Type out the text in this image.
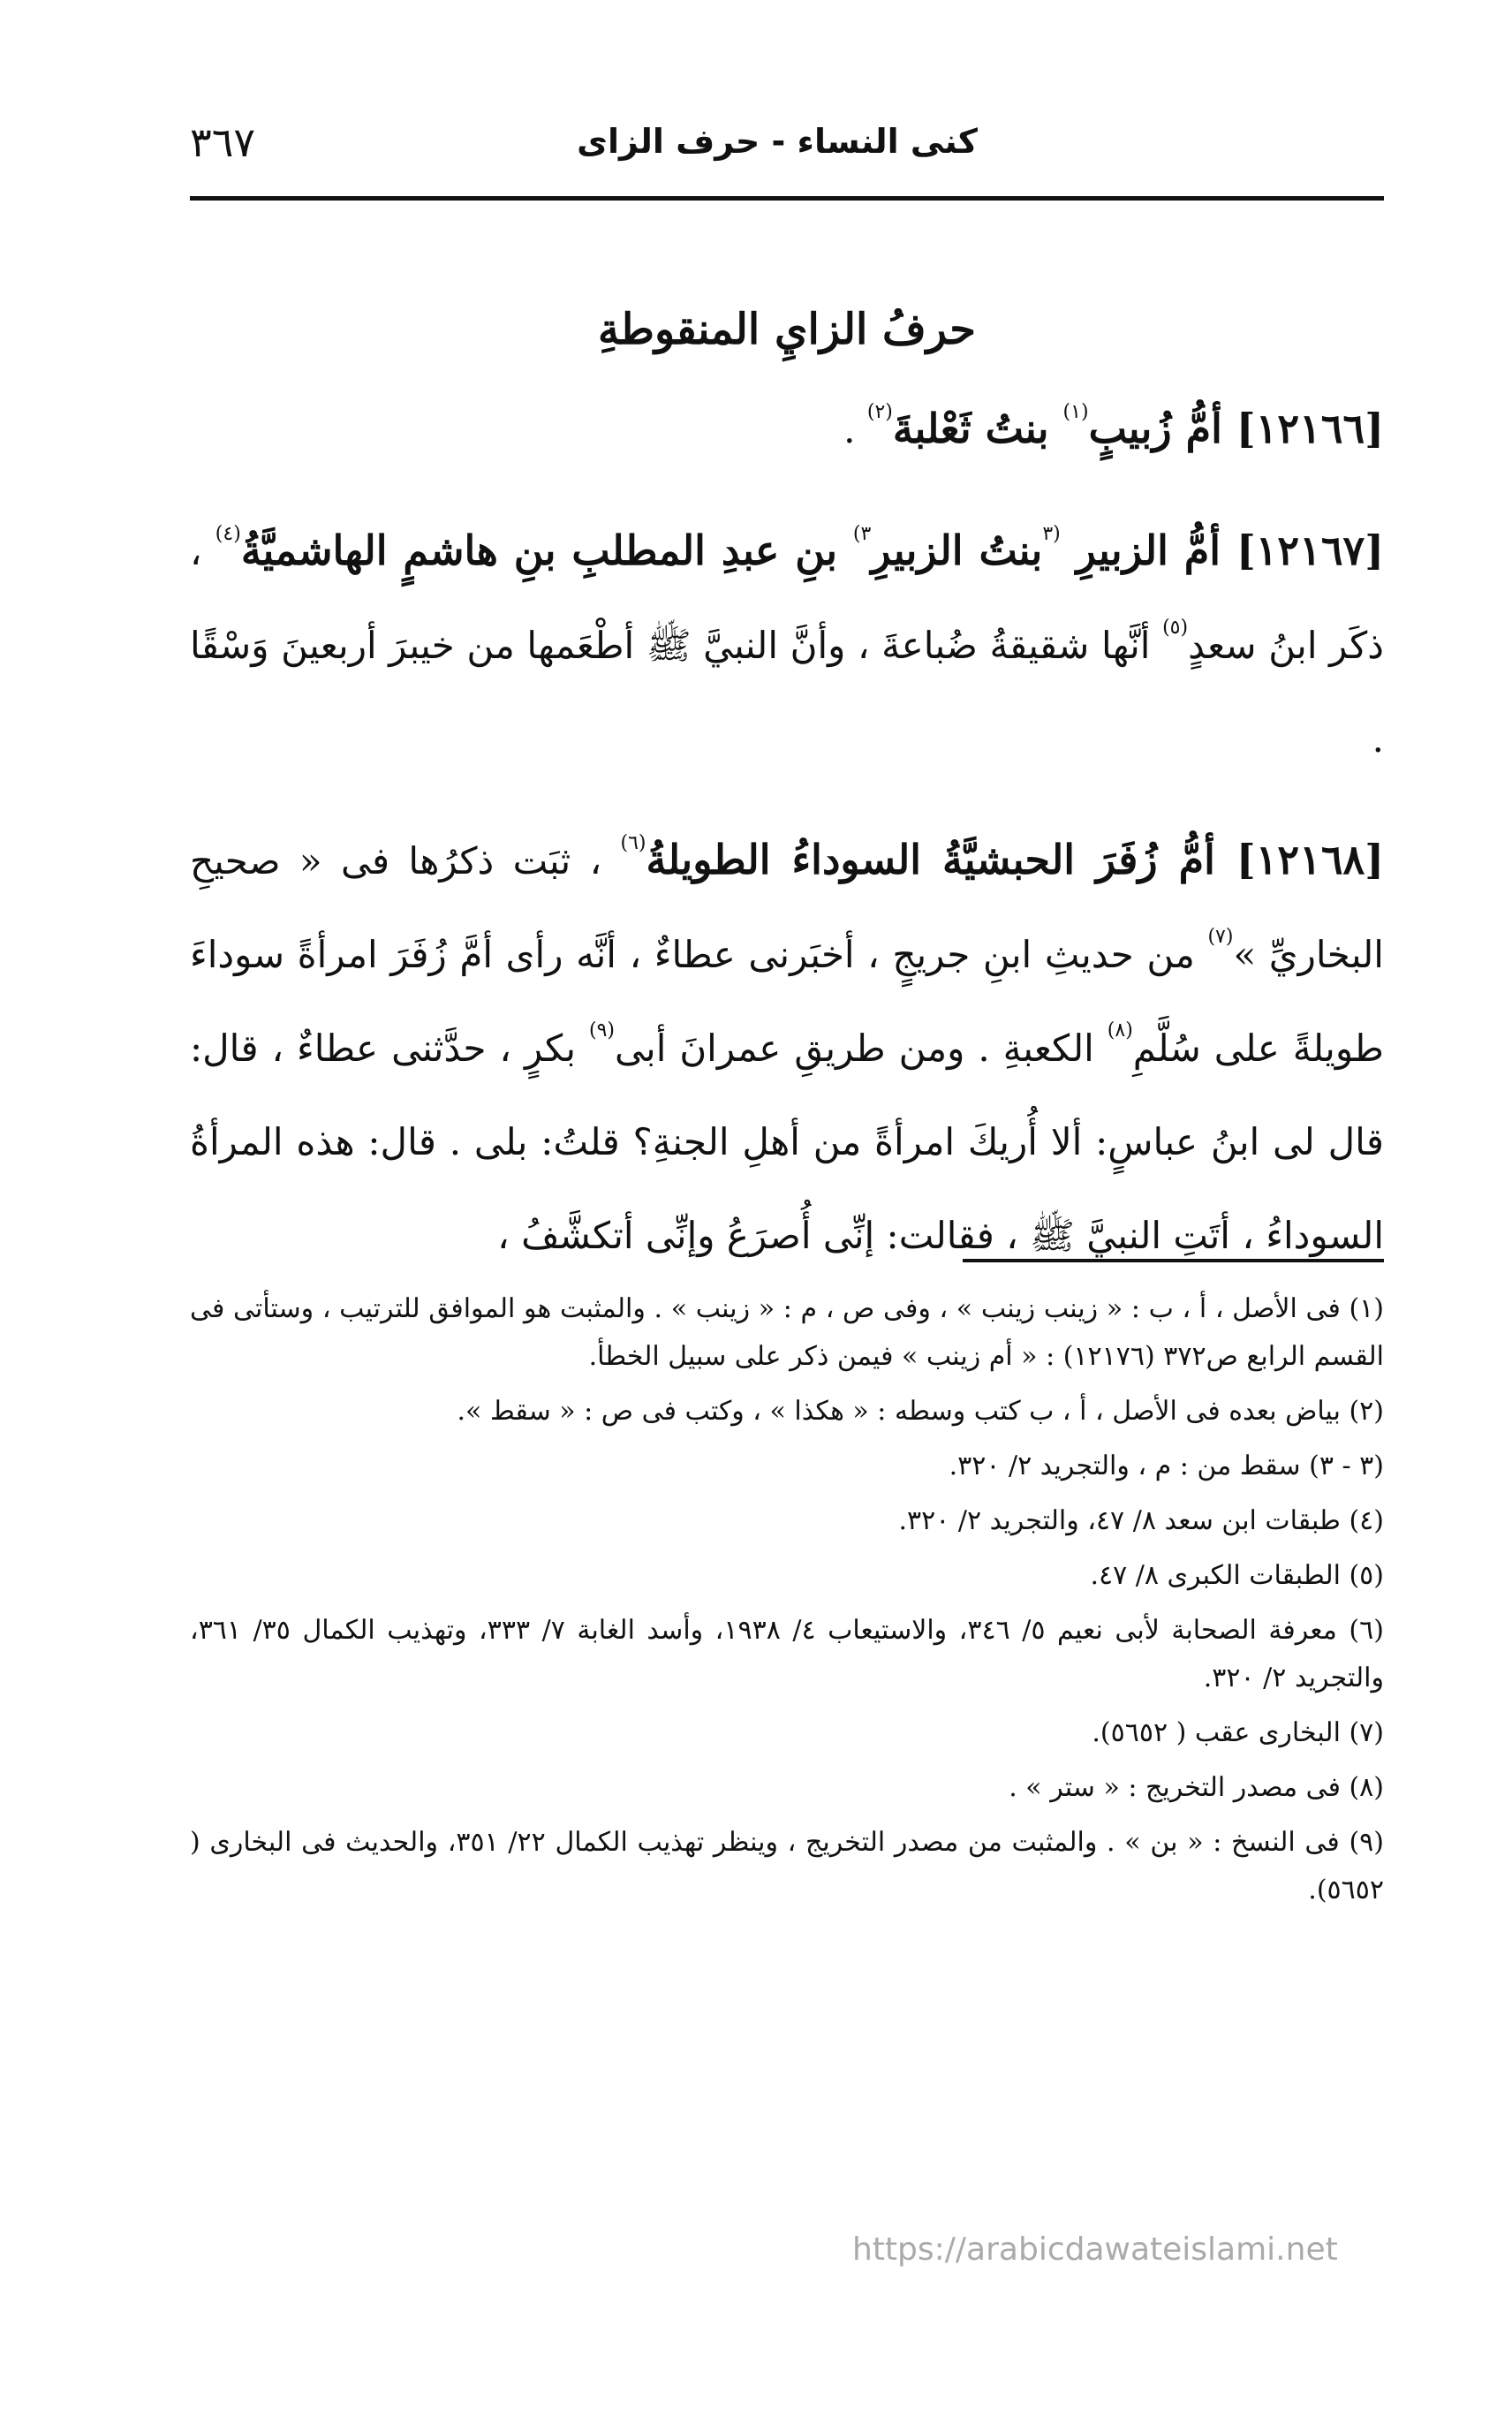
كنى النساء - حرف الزاى
٣٦٧
حرفُ الزايِ المنقوطةِ

[١٢١٦٦] أمُّ زُبيبٍ$^{(١)}$ بنتُ ثَعْلبةَ$^{(٢)}$ .

[١٢١٦٧] أمُّ الزبيرِ $^{(٣}$بنتُ الزبيرِ$^{٣)}$ بنِ عبدِ المطلبِ بنِ هاشمٍ الهاشميَّةُ$^{(٤)}$ ، ذكَر ابنُ سعدٍ$^{(٥)}$ أنَّها شقيقةُ ضُباعةَ ، وأنَّ النبيَّ ﷺ أطْعَمها من خيبرَ أربعينَ وَسْقًا .

[١٢١٦٨] أمُّ زُفَرَ الحبشيَّةُ السوداءُ الطويلةُ$^{(٦)}$ ، ثبَت ذكرُها فى « صحيحِ البخاريِّ »$^{(٧)}$ من حديثِ ابنِ جريجٍ ، أخبَرنى عطاءٌ ، أنَّه رأى أمَّ زُفَرَ امرأةً سوداءَ طويلةً على سُلَّمِ$^{(٨)}$ الكعبةِ . ومن طريقِ عمرانَ أبى$^{(٩)}$ بكرٍ ، حدَّثنى عطاءٌ ، قال: قال لى ابنُ عباسٍ: ألا أُريكَ امرأةً من أهلِ الجنةِ؟ قلتُ: بلى . قال: هذه المرأةُ السوداءُ ، أتَتِ النبيَّ ﷺ ، فقالت: إنِّى أُصرَعُ وإنِّى أتكشَّفُ ،

(١) فى الأصل ، أ ، ب : « زينب زينب » ، وفى ص ، م : « زينب » . والمثبت هو الموافق للترتيب ، وستأتى فى القسم الرابع ص٣٧٢ (١٢١٧٦) : « أم زينب » فيمن ذكر على سبيل الخطأ.

(٢) بياض بعده فى الأصل ، أ ، ب كتب وسطه : « هكذا » ، وكتب فى ص : « سقط ».

(٣ - ٣) سقط من : م ، والتجريد ٢/ ٣٢٠.

(٤) طبقات ابن سعد ٨/ ٤٧، والتجريد ٢/ ٣٢٠.

(٥) الطبقات الكبرى ٨/ ٤٧.

(٦) معرفة الصحابة لأبى نعيم ٥/ ٣٤٦، والاستيعاب ٤/ ١٩٣٨، وأسد الغابة ٧/ ٣٣٣، وتهذيب الكمال ٣٥/ ٣٦١، والتجريد ٢/ ٣٢٠.

(٧) البخارى عقب ( ٥٦٥٢).

(٨) فى مصدر التخريج : « ستر » .

(٩) فى النسخ : « بن » . والمثبت من مصدر التخريج ، وينظر تهذيب الكمال ٢٢/ ٣٥١، والحديث فى البخارى ( ٥٦٥٢).

https://arabicdawateislami.net
